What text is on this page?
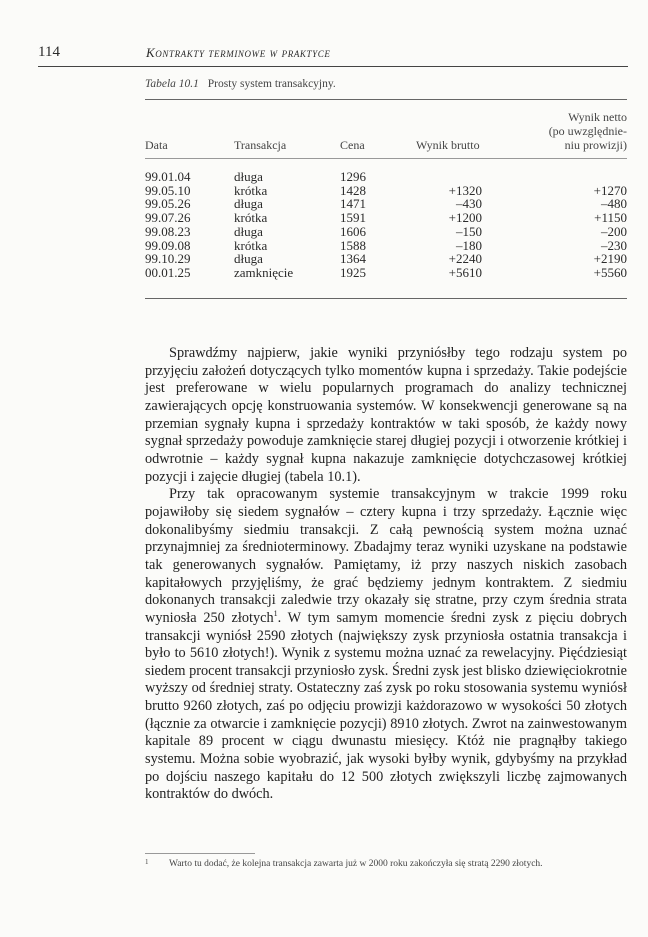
114	Kontrakty terminowe w praktyce
Tabela 10.1 Prosty system transakcyjny.
Data	Transakcja	Cena	Wynik brutto
Wynik netto
(po uwzględnie-
niu prowizji)
99.01.04	długa	1296
99.05.10	krótka	1428	+1320	+1270
99.05.26	długa	1471	–430	–480
99.07.26	krótka	1591	+1200	+1150
99.08.23	długa	1606	–150	–200
99.09.08	krótka	1588	–180	–230
99.10.29	długa	1364	+2240	+2190
00.01.25	zamknięcie	1925	+5610	+5560

Sprawdźmy najpierw, jakie wyniki przyniósłby tego rodzaju system po przyjęciu założeń dotyczących tylko momentów kupna i sprzedaży. Takie podejście jest preferowane w wielu popularnych programach do analizy technicznej zawierających opcję konstruowania systemów. W konsekwencji generowane są na przemian sygnały kupna i sprzedaży kontraktów w taki sposób, że każdy nowy sygnał sprzedaży powoduje zamknięcie starej długiej pozycji i otworzenie krótkiej i odwrotnie – każdy sygnał kupna nakazuje zamknięcie dotychczasowej krótkiej pozycji i zajęcie długiej (tabela 10.1).

Przy tak opracowanym systemie transakcyjnym w trakcie 1999 roku pojawiłoby się siedem sygnałów – cztery kupna i trzy sprzedaży. Łącznie więc dokonalibyśmy siedmiu transakcji. Z całą pewnością system można uznać przynajmniej za średnioterminowy. Zbadajmy teraz wyniki uzyskane na podstawie tak generowanych sygnałów. Pamiętamy, iż przy naszych niskich zasobach kapitałowych przyjęliśmy, że grać będziemy jednym kontraktem. Z siedmiu dokonanych transakcji zaledwie trzy okazały się stratne, przy czym średnia strata wyniosła 250 złotych$^1$. W tym samym momencie średni zysk z pięciu dobrych transakcji wyniósł 2590 złotych (największy zysk przyniosła ostatnia transakcja i było to 5610 złotych!). Wynik z systemu można uznać za rewelacyjny. Pięćdziesiąt siedem procent transakcji przyniosło zysk. Średni zysk jest blisko dziewięciokrotnie wyższy od średniej straty. Ostateczny zaś zysk po roku stosowania systemu wyniósł brutto 9260 złotych, zaś po odjęciu prowizji każdorazowo w wysokości 50 złotych (łącznie za otwarcie i zamknięcie pozycji) 8910 złotych. Zwrot na zainwestowanym kapitale 89 procent w ciągu dwunastu miesięcy. Któż nie pragnąłby takiego systemu. Można sobie wyobrazić, jak wysoki byłby wynik, gdybyśmy na przykład po dojściu naszego kapitału do 12 500 złotych zwiększyli liczbę zajmowanych kontraktów do dwóch.

1	Warto tu dodać, że kolejna transakcja zawarta już w 2000 roku zakończyła się stratą 2290 złotych.
